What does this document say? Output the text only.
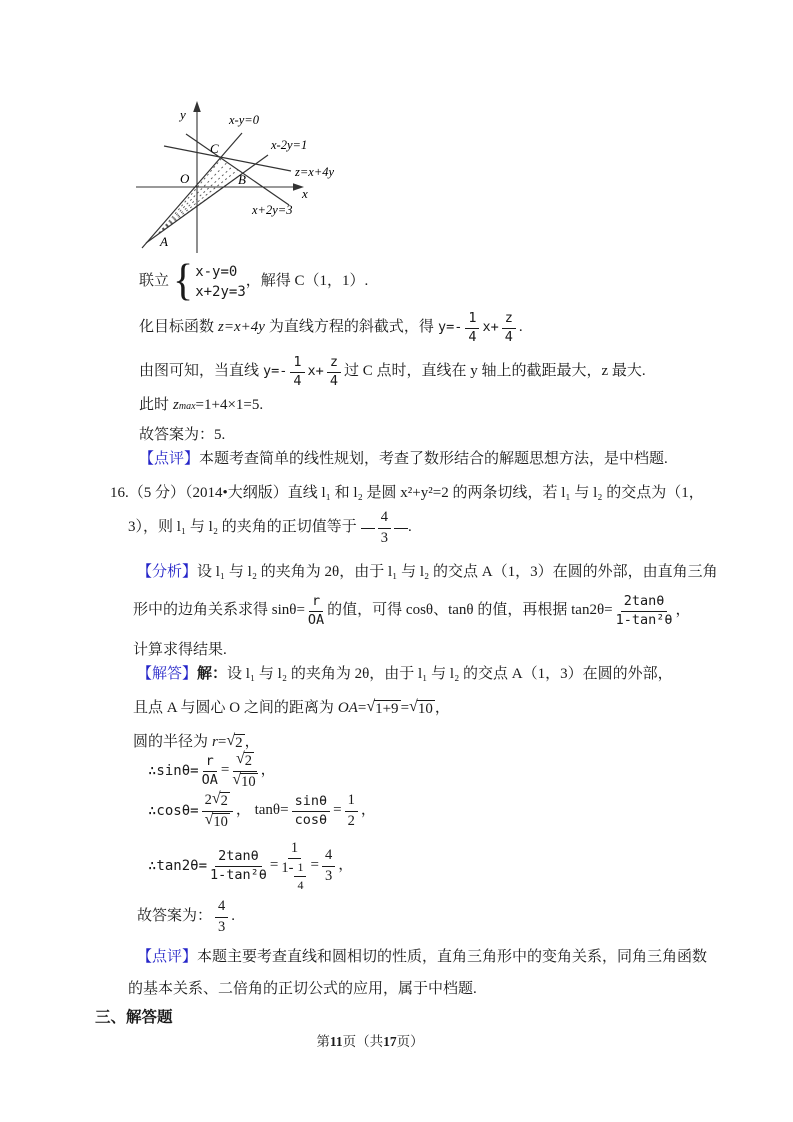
y
x
x-y=0
x-2y=1
z=x+4y
x+2y=3
O
A
B
C
联立 { x-y=0
x+2y=3
，解得 C（1，1）.
化目标函数 z=x+4y 为直线方程的斜截式，得 y=-
1
4
$x+ \frac{z}{4}$ .
由图可知，当直线 y=-
1
4
$x+ \frac{z}{4}$ 过 C 点时，直线在 y 轴上的截距最大，z 最大.
此时 z max =1+4×1=5.
故答案为：5.
【点评】 本题考查简单的线性规划，考查了数形结合的解题思想方法，是中档题.
16.（5 分）（2014•大纲版）直线 l₁ 和 l₂ 是圆 x²+y²=2 的两条切线，若 l₁ 与 l₂ 的交点为（1，
3），则 l₁ 与 l₂ 的夹角的正切值等于
4
3
.
【分析】 设 l₁ 与 l₂ 的夹角为 2θ，由于 l₁ 与 l₂ 的交点 A（1，3）在圆的外部，由直角三角
形中的边角关系求得 $\sin\theta= \frac{r}{OA}$ 的值，可得 cosθ、tanθ 的值，再根据 $\tan 2\theta= \frac{2\tan\theta}{\text{1-tan²θ}}$ ，
计算求得结果.
【解答】 解： 设 l₁ 与 l₂ 的夹角为 2θ，由于 l₁ 与 l₂ 的交点 A（1，3）在圆的外部，
且点 A 与圆心 O 之间的距离为 OA = √ 1+9 = √ 10 ，
圆的半径为 r = √ 2 ，
∴sinθ= $\frac{r}{OA} = \frac{√ 2}{√ 10}$ ，
∴cosθ= $\frac{2 √ 2}{√ 10}$ ， $\tan\theta= \frac{\sin\theta}{\cos\theta} = \frac{1}{2}$ ，
∴tan2θ= $\frac{2\tan\theta}{\text{1-tan²θ}} = 1$
1- 1
$4 = \frac{4}{3}$ ，
故答案为：
4
3
.
【点评】 本题主要考查直线和圆相切的性质，直角三角形中的变角关系，同角三角函数
的基本关系、二倍角的正切公式的应用，属于中档题.
三、解答题
第11页（共17页）
